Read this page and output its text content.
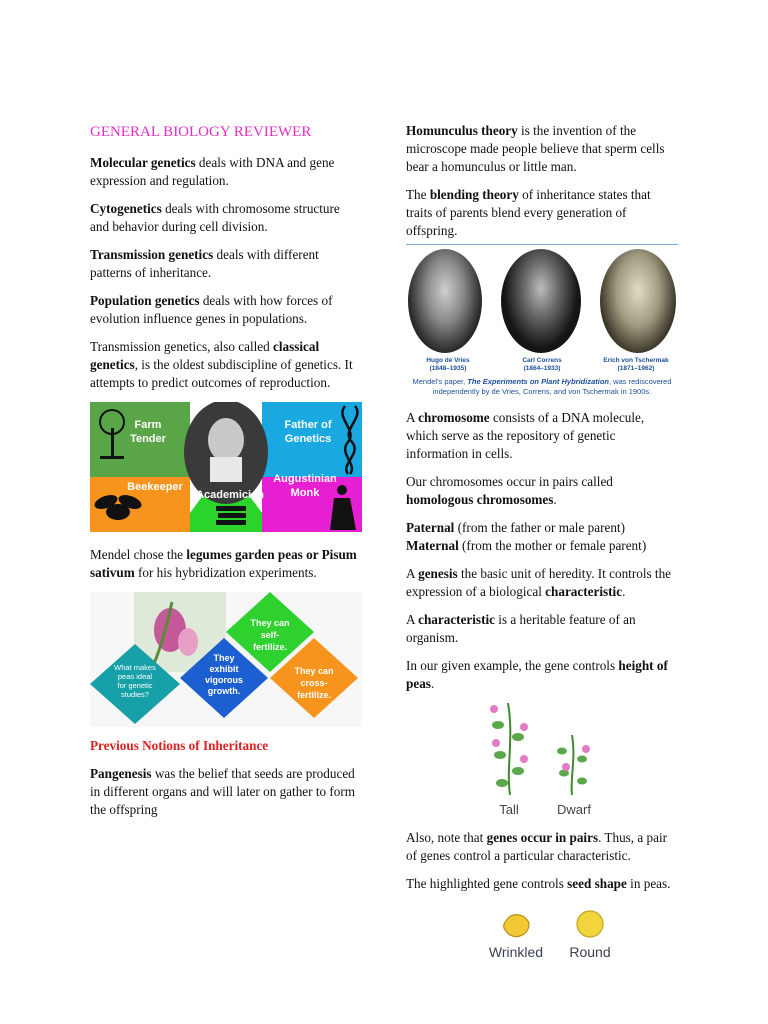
GENERAL BIOLOGY REVIEWER

Molecular genetics deals with DNA and gene expression and regulation.

Cytogenetics deals with chromosome structure and behavior during cell division.

Transmission genetics deals with different patterns of inheritance.

Population genetics deals with how forces of evolution influence genes in populations.

Transmission genetics, also called classical genetics, is the oldest subdiscipline of genetics. It attempts to predict outcomes of reproduction.

Farm Tender
Father of Genetics
Beekeeper
Academician
Augustinian Monk

Mendel chose the legumes garden peas or Pisum sativum for his hybridization experiments.

What makes peas ideal for genetic studies?
They can self-fertilize.
They exhibit vigorous growth.
They can cross-fertilize.

Previous Notions of Inheritance

Pangenesis was the belief that seeds are produced in different organs and will later on gather to form the offspring

Homunculus theory is the invention of the microscope made people believe that sperm cells bear a homunculus or little man.

The blending theory of inheritance states that traits of parents blend every generation of offspring.

Hugo de Vries
(1848–1935)
Carl Correns
(1864–1933)
Erich von Tschermak
(1871–1962)
Mendel's paper, The Experiments on Plant Hybridization, was rediscovered independently by de Vries, Correns, and von Tschermak in 1900s.

A chromosome consists of a DNA molecule, which serve as the repository of genetic information in cells.

Our chromosomes occur in pairs called homologous chromosomes.

Paternal (from the father or male parent)
Maternal (from the mother or female parent)

A genesis the basic unit of heredity. It controls the expression of a biological characteristic.

A characteristic is a heritable feature of an organism.

In our given example, the gene controls height of peas.

Tall	Dwarf

Also, note that genes occur in pairs. Thus, a pair of genes control a particular characteristic.

The highlighted gene controls seed shape in peas.

Wrinkled Round
